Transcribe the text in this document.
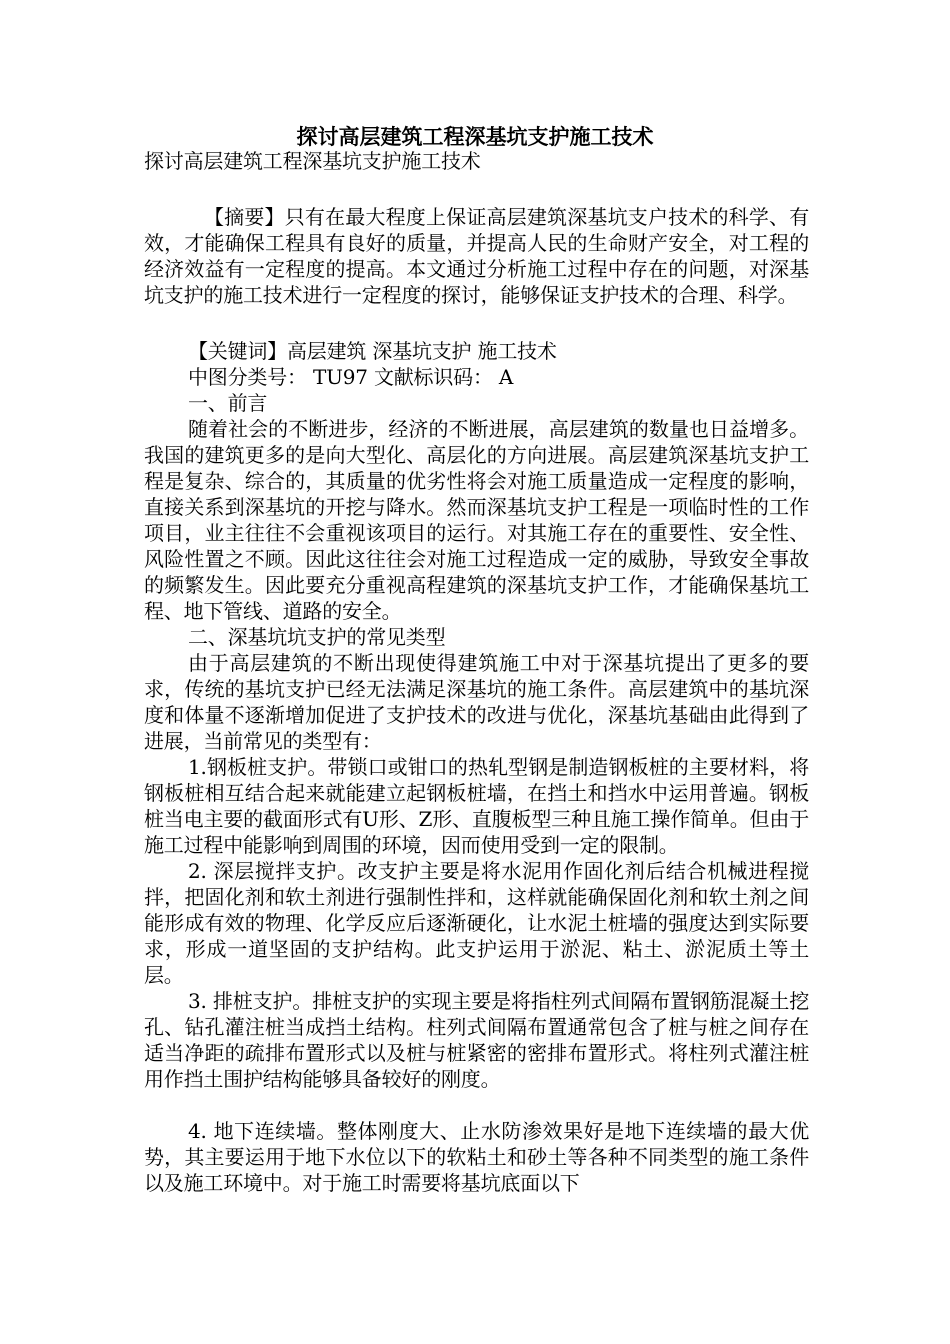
探讨高层建筑工程深基坑支护施工技术

探讨高层建筑工程深基坑支护施工技术

【摘要】只有在最大程度上保证高层建筑深基坑支户技术的科学、有效，才能确保工程具有良好的质量，并提高人民的生命财产安全，对工程的经济效益有一定程度的提高。本文通过分析施工过程中存在的问题，对深基坑支护的施工技术进行一定程度的探讨，能够保证支护技术的合理、科学。

【关键词】高层建筑 深基坑支护 施工技术

中图分类号： TU97 文献标识码： A

一、前言

随着社会的不断进步，经济的不断进展，高层建筑的数量也日益增多。我国的建筑更多的是向大型化、高层化的方向进展。高层建筑深基坑支护工程是复杂、综合的，其质量的优劣性将会对施工质量造成一定程度的影响，直接关系到深基坑的开挖与降水。然而深基坑支护工程是一项临时性的工作项目，业主往往不会重视该项目的运行。对其施工存在的重要性、安全性、风险性置之不顾。因此这往往会对施工过程造成一定的威胁，导致安全事故的频繁发生。因此要充分重视高程建筑的深基坑支护工作，才能确保基坑工程、地下管线、道路的安全。

二、深基坑坑支护的常见类型

由于高层建筑的不断出现使得建筑施工中对于深基坑提出了更多的要求，传统的基坑支护已经无法满足深基坑的施工条件。高层建筑中的基坑深度和体量不逐渐增加促进了支护技术的改进与优化，深基坑基础由此得到了进展，当前常见的类型有：

1.钢板桩支护。带锁口或钳口的热轧型钢是制造钢板桩的主要材料，将钢板桩相互结合起来就能建立起钢板桩墙，在挡土和挡水中运用普遍。钢板桩当电主要的截面形式有U形、Z形、直腹板型三种且施工操作简单。但由于施工过程中能影响到周围的环境，因而使用受到一定的限制。

2. 深层搅拌支护。改支护主要是将水泥用作固化剂后结合机械进程搅拌，把固化剂和软土剂进行强制性拌和，这样就能确保固化剂和软土剂之间能形成有效的物理、化学反应后逐渐硬化，让水泥土桩墙的强度达到实际要求，形成一道坚固的支护结构。此支护运用于淤泥、粘土、淤泥质土等土层。

3. 排桩支护。排桩支护的实现主要是将指柱列式间隔布置钢筋混凝土挖孔、钻孔灌注桩当成挡土结构。柱列式间隔布置通常包含了桩与桩之间存在适当净距的疏排布置形式以及桩与桩紧密的密排布置形式。将柱列式灌注桩用作挡土围护结构能够具备较好的刚度。

4. 地下连续墙。整体刚度大、止水防渗效果好是地下连续墙的最大优势，其主要运用于地下水位以下的软粘土和砂土等各种不同类型的施工条件以及施工环境中。对于施工时需要将基坑底面以下
